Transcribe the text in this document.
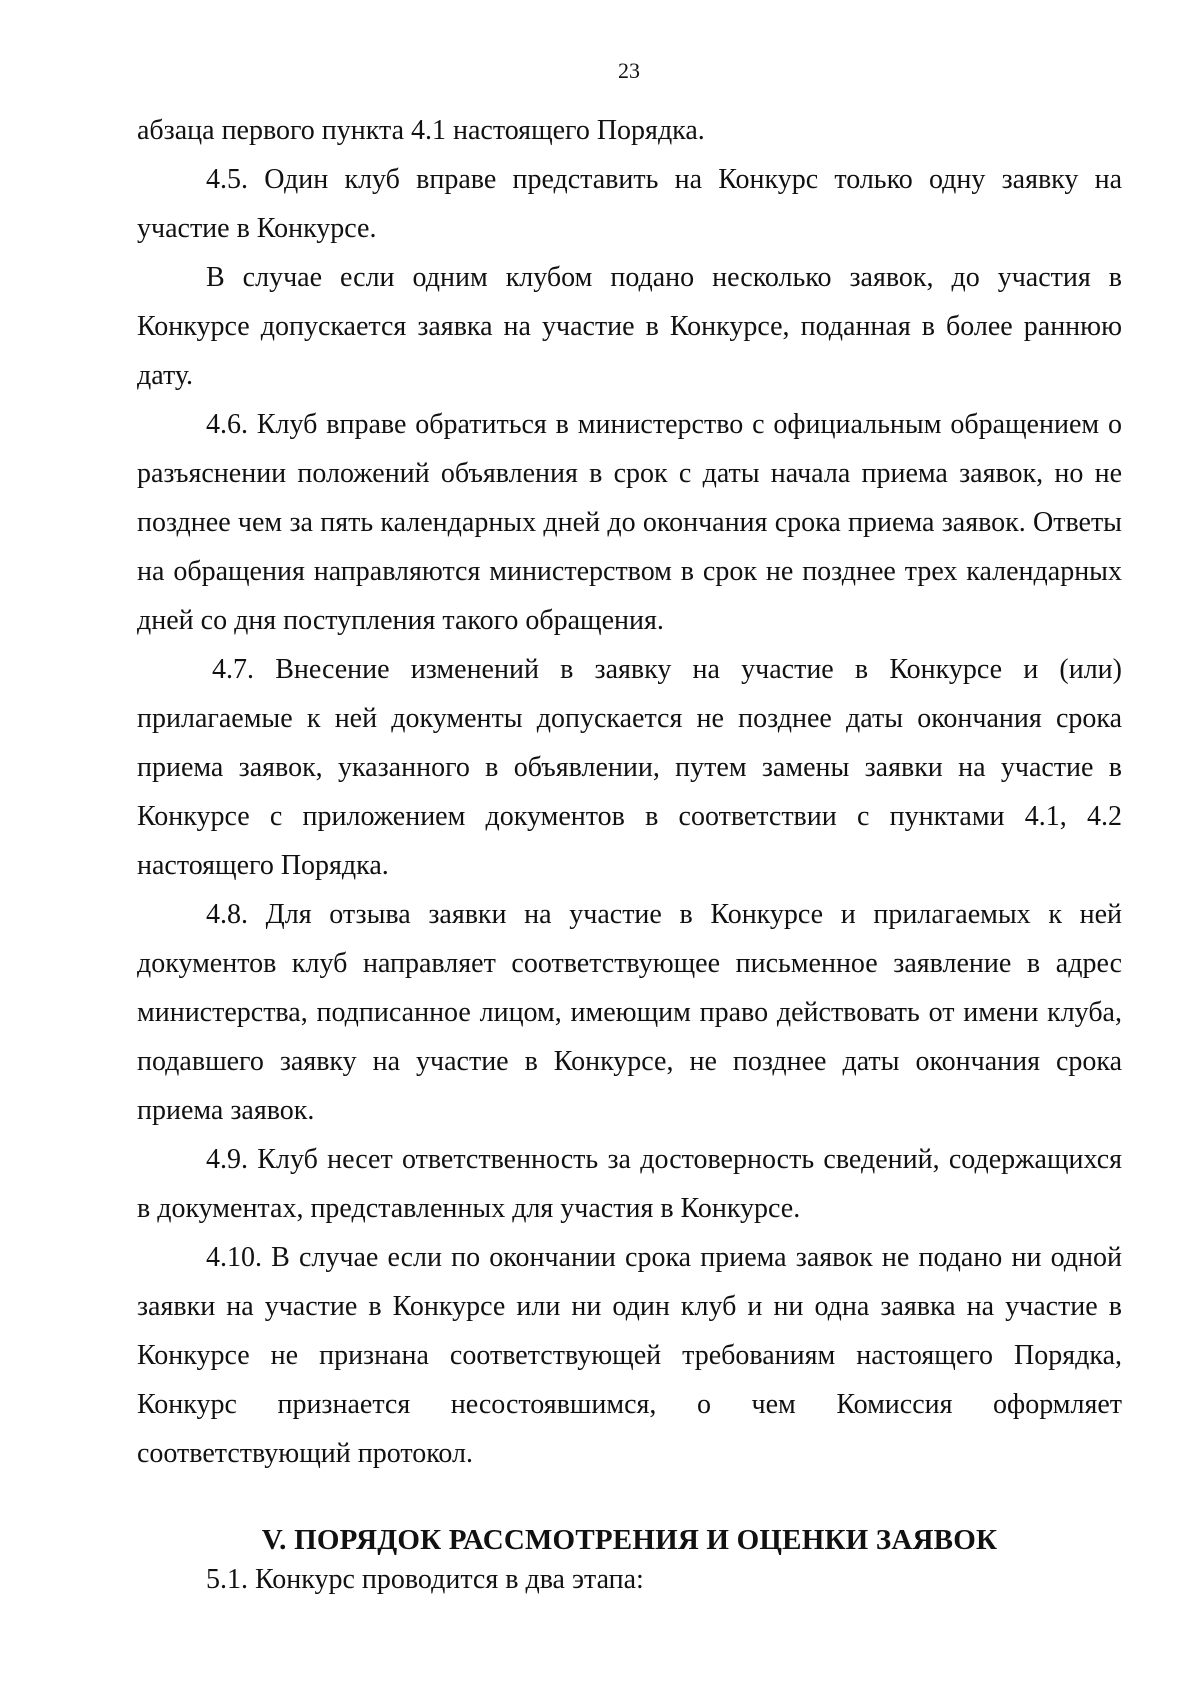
23

абзаца первого пункта 4.1 настоящего Порядка.

4.5. Один клуб вправе представить на Конкурс только одну заявку на участие в Конкурсе.

В случае если одним клубом подано несколько заявок, до участия в Конкурсе допускается заявка на участие в Конкурсе, поданная в более раннюю дату.

4.6. Клуб вправе обратиться в министерство с официальным обращением о разъяснении положений объявления в срок с даты начала приема заявок, но не позднее чем за пять календарных дней до окончания срока приема заявок. Ответы на обращения направляются министерством в срок не позднее трех календарных дней со дня поступления такого обращения.

4.7. Внесение изменений в заявку на участие в Конкурсе и (или) прилагаемые к ней документы допускается не позднее даты окончания срока приема заявок, указанного в объявлении, путем замены заявки на участие в Конкурсе с приложением документов в соответствии с пунктами 4.1, 4.2 настоящего Порядка.

4.8. Для отзыва заявки на участие в Конкурсе и прилагаемых к ней документов клуб направляет соответствующее письменное заявление в адрес министерства, подписанное лицом, имеющим право действовать от имени клуба, подавшего заявку на участие в Конкурсе, не позднее даты окончания срока приема заявок.

4.9. Клуб несет ответственность за достоверность сведений, содержащихся в документах, представленных для участия в Конкурсе.

4.10. В случае если по окончании срока приема заявок не подано ни одной заявки на участие в Конкурсе или ни один клуб и ни одна заявка на участие в Конкурсе не признана соответствующей требованиям настоящего Порядка, Конкурс признается несостоявшимся, о чем Комиссия оформляет соответствующий протокол.

V. ПОРЯДОК РАССМОТРЕНИЯ И ОЦЕНКИ ЗАЯВОК

5.1. Конкурс проводится в два этапа:
